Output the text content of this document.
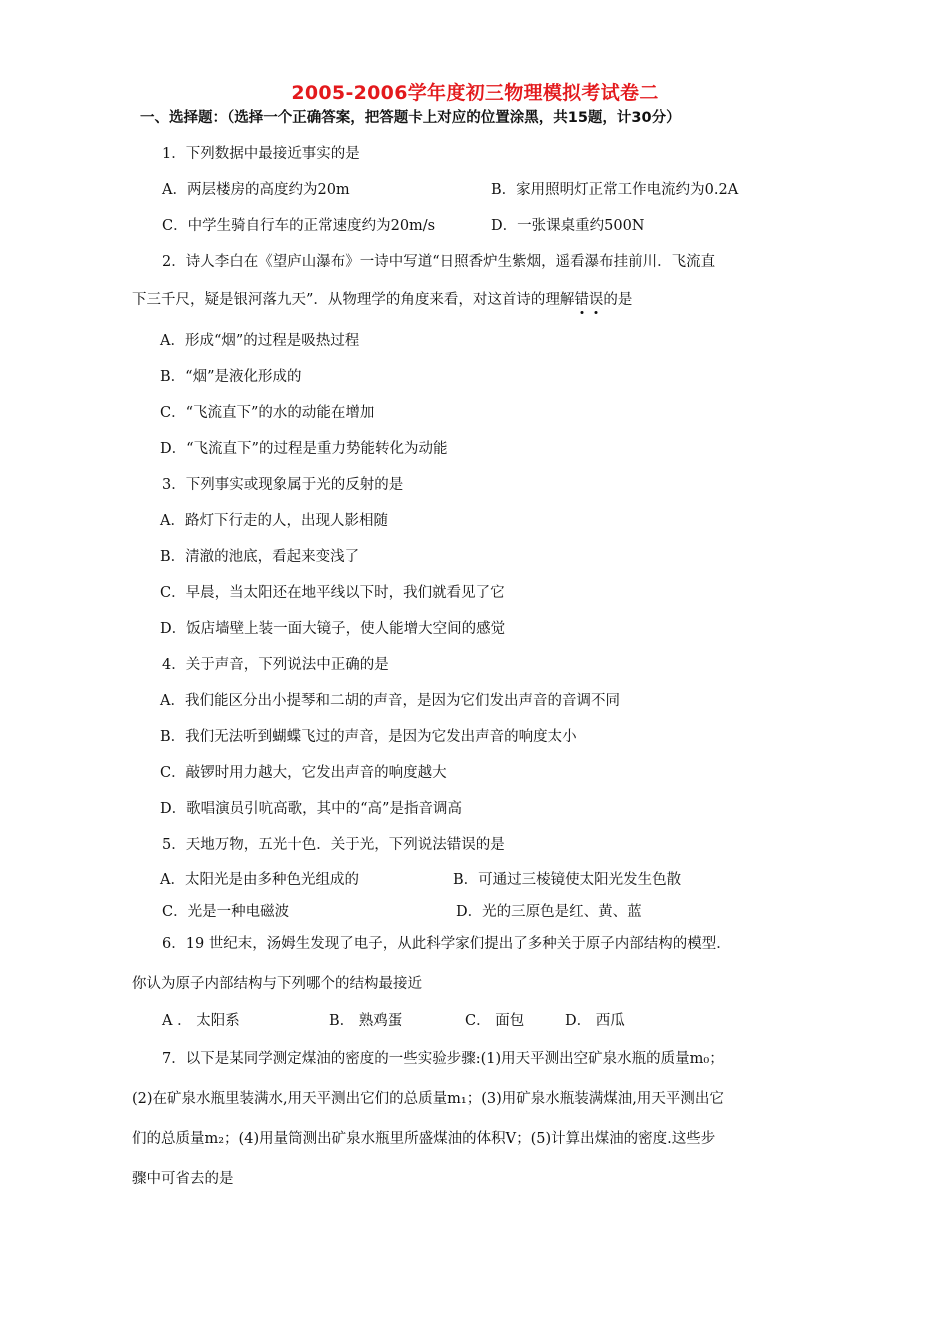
2005-2006学年度初三物理模拟考试卷二
一、选择题：（选择一个正确答案，把答题卡上对应的位置涂黑，共15题，计30分）
1．下列数据中最接近事实的是
A．两层楼房的高度约为20m	B．家用照明灯正常工作电流约为0.2A
C．中学生骑自行车的正常速度约为20m/s	D．一张课桌重约500N
2．诗人李白在《望庐山瀑布》一诗中写道“日照香炉生紫烟，遥看瀑布挂前川．飞流直
下三千尺，疑是银河落九天”．从物理学的角度来看，对这首诗的理解错误的是
A．形成“烟”的过程是吸热过程
B．“烟”是液化形成的
C．“飞流直下”的水的动能在增加
D．“飞流直下”的过程是重力势能转化为动能
3．下列事实或现象属于光的反射的是
A．路灯下行走的人，出现人影相随
B．清澈的池底，看起来变浅了
C．早晨，当太阳还在地平线以下时，我们就看见了它
D．饭店墙壁上装一面大镜子，使人能增大空间的感觉
4．关于声音，下列说法中正确的是
A．我们能区分出小提琴和二胡的声音，是因为它们发出声音的音调不同
B．我们无法听到蝴蝶飞过的声音，是因为它发出声音的响度太小
C．敲锣时用力越大，它发出声音的响度越大
D．歌唱演员引吭高歌，其中的“高”是指音调高
5．天地万物，五光十色．关于光，下列说法错误的是
A．太阳光是由多种色光组成的	B．可通过三棱镜使太阳光发生色散
C．光是一种电磁波	D．光的三原色是红、黄、蓝
6．19 世纪末，汤姆生发现了电子，从此科学家们提出了多种关于原子内部结构的模型．
你认为原子内部结构与下列哪个的结构最接近
A ． 太阳系	B． 熟鸡蛋	C． 面包	D． 西瓜
7．以下是某同学测定煤油的密度的一些实验步骤:(1)用天平测出空矿泉水瓶的质量m₀；
(2)在矿泉水瓶里装满水,用天平测出它们的总质量m₁；(3)用矿泉水瓶装满煤油,用天平测出它
们的总质量m₂；(4)用量筒测出矿泉水瓶里所盛煤油的体积V；(5)计算出煤油的密度.这些步
骤中可省去的是
